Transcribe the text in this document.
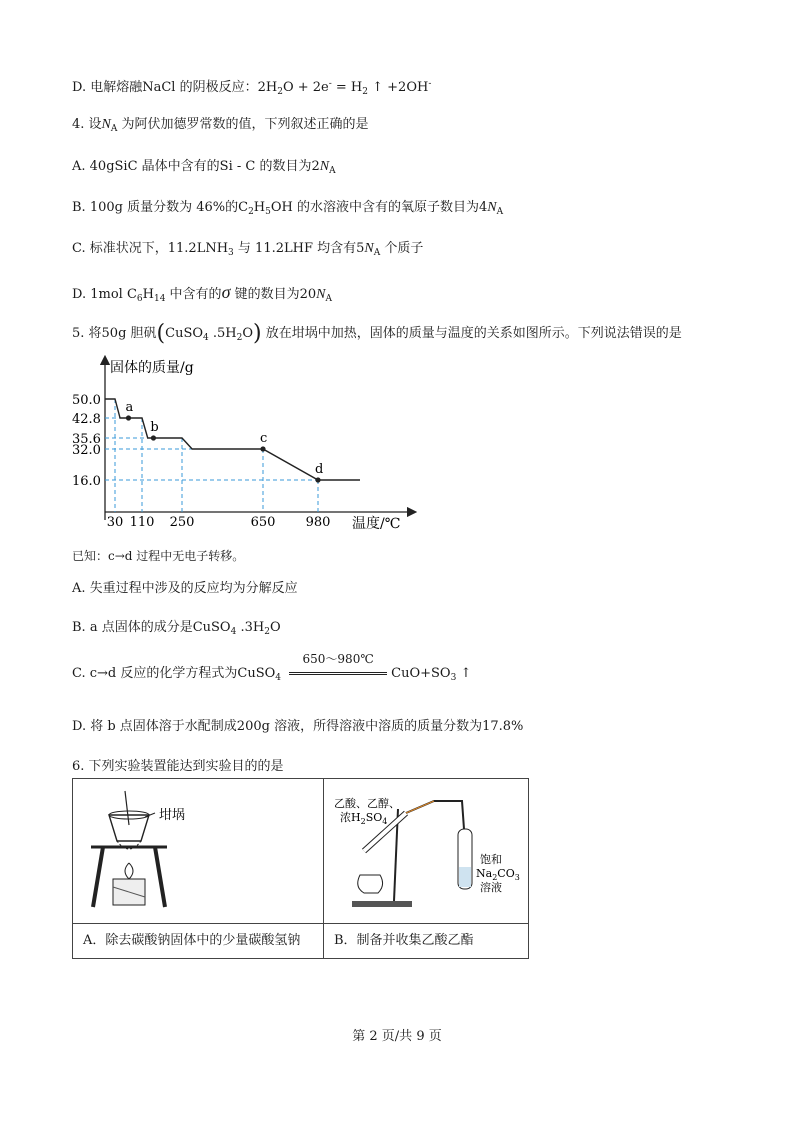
D. 电解熔融NaCl 的阴极反应：$2H_2O + 2e^- = H_2$ ↑ +2OH-
4. 设$N_A$ 为阿伏加德罗常数的值，下列叙述正确的是
A. 40gSiC 晶体中含有的Si - C 的数目为$2N_A$
B. 100g 质量分数为 46%的$C_2H_5OH$ 的水溶液中含有的氧原子数目为$4N_A$
C. 标准状况下，$11.2LNH_3$ 与 11.2LHF 均含有$5N_A$ 个质子
D. 1mol $C_6H_{14}$ 中含有的σ 键的数目为$20N_A$
5. 将50g 胆矾(CuSO$_4$ $.5H_2O$) 放在坩埚中加热，固体的质量与温度的关系如图所示。下列说法错误的是
a
b
c
d
50.0
42.8
35.6
32.0
16.0
30 110 250	650 980
固体的质量/g
温度/℃
已知：c→d 过程中无电子转移。
A. 失重过程中涉及的反应均为分解反应
B. a 点固体的成分是CuSO$_4$ $.3H_2O$
C. c→d 反应的化学方程式为CuSO$_4$
650～980℃
$CuO+SO_3$ ↑
D. 将 b 点固体溶于水配制成200g 溶液，所得溶液中溶质的质量分数为17.8%
6. 下列实验装置能达到实验目的的是
坩埚	乙酸、乙醇、
浓$H_2SO_4$
饱和
$Na_2CO_3$
溶液

A．除去碳酸钠固体中的少量碳酸氢钠	B．制备并收集乙酸乙酯
第 2 页/共 9 页
